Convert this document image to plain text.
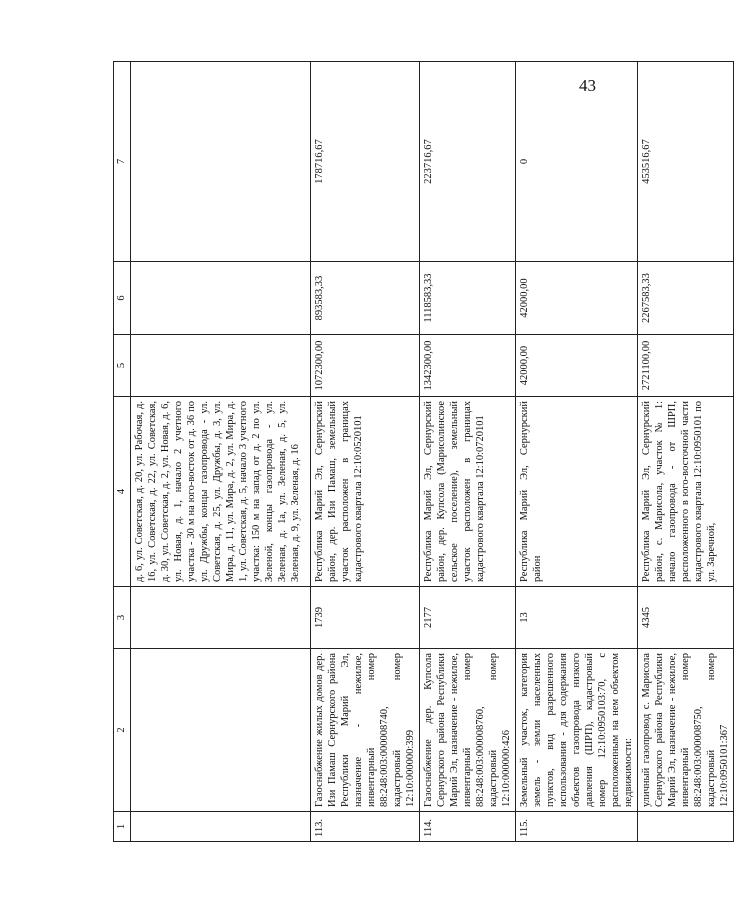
43
1	2	3	4	5	6	7
			д. 6, ул. Советская, д. 20, ул. Рабочая, д. 16, ул. Советская, д. 22, ул. Советская, д. 30, ул. Советская, д. 2, ул. Новая, д. 6, ул. Новая, д. 1, начало 2 учетного участка - 30 м на юго-восток от д. 36 по ул. Дружбы, концы газопровода - ул. Советская, д. 25, ул. Дружбы, д. 3, ул. Мира, д. 11, ул. Мира, д. 2, ул. Мира, д. 1, ул. Советская, д. 5, начало 3 учетного участка: 150 м на запад от д. 2 по ул. Зеленой, концы газопровода - ул. Зеленая, д. 1а, ул. Зеленая, д. 5, ул. Зеленая, д. 9, ул. Зеленая, д. 16			
113.	Газоснабжение жилых домов дер. Изи Памаш Сернурского района Республики Марий Эл, назначение - нежилое, инвентарный номер 88:248:003:000008740, кадастровый номер 12:10:000000:399	1739	Республика Марий Эл, Сернурский район, дер. Изи Памаш, земельный участок расположен в границах кадастрового квартала 12:10:0520101	1072300,00	893583,33	178716,67
114.	Газоснабжение дер. Купсола Сернурского района Республики Марий Эл, назначение - нежилое, инвентарный номер 88:248:003:000008760, кадастровый номер 12:10:000000:426	2177	Республика Марий Эл, Сернурский район, дер. Купсола (Марисолинское сельское поселение), земельный участок расположен в границах кадастрового квартала 12:10:0720101	1342300,00	1118583,33	223716,67
115.	Земельный участок, категория земель - земли населенных пунктов, вид разрешенного использования - для содержания объектов газопровода низкого давления (ШРП), кадастровый номер 12:10:0950103:70, с расположенным на нем объектом недвижимости:	13	Республика Марий Эл, Сернурский район	42000,00	42000,00	0
	уличный газопровод с. Марисола Сернурского района Республики Марий Эл, назначение - нежилое, инвентарный номер 88:248:003:000008750, кадастровый номер 12:10:0950101:367	4345	Республика Марий Эл, Сернурский район, с. Марисола, участок № 1: начало газопровода - от ШРП, расположенного в юго-восточной части кадастрового квартала 12:10:0950101 по ул. Заречной,	2721100,00	2267583,33	453516,67
